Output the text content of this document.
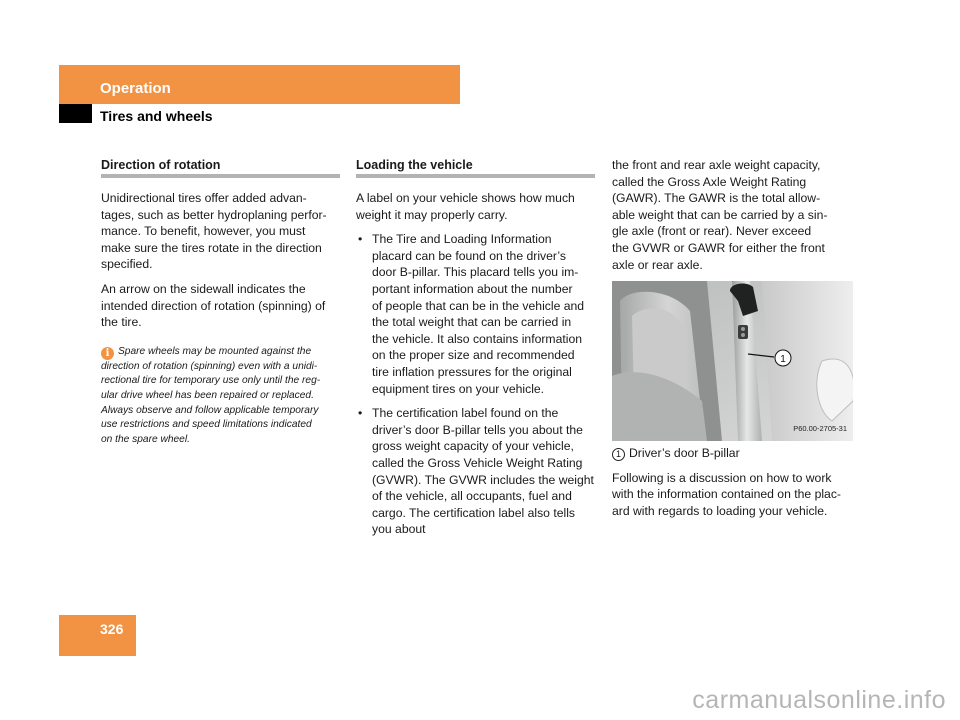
Operation
Tires and wheels
Direction of rotation

Unidirectional tires offer added advan-
tages, such as better hydroplaning perfor-
mance. To benefit, however, you must
make sure the tires rotate in the direction
specified.

An arrow on the sidewall indicates the
intended direction of rotation (spinning) of
the tire.

i Spare wheels may be mounted against the
direction of rotation (spinning) even with a unidi-
rectional tire for temporary use only until the reg-
ular drive wheel has been repaired or replaced.
Always observe and follow applicable temporary
use restrictions and speed limitations indicated
on the spare wheel.
Loading the vehicle

A label on your vehicle shows how much
weight it may properly carry.

• The Tire and Loading Information
placard can be found on the driver’s
door B-pillar. This placard tells you im-
portant information about the number
of people that can be in the vehicle and
the total weight that can be carried in
the vehicle. It also contains information
on the proper size and recommended
tire inflation pressures for the original
equipment tires on your vehicle.
• The certification label found on the
driver’s door B-pillar tells you about the
gross weight capacity of your vehicle,
called the Gross Vehicle Weight Rating
(GVWR). The GVWR includes the weight
of the vehicle, all occupants, fuel and
cargo. The certification label also tells
you about

the front and rear axle weight capacity,
called the Gross Axle Weight Rating
(GAWR). The GAWR is the total allow-
able weight that can be carried by a sin-
gle axle (front or rear). Never exceed
the GVWR or GAWR for either the front
axle or rear axle.

1
P60.00-2705-31

1 Driver’s door B-pillar

Following is a discussion on how to work
with the information contained on the plac-
ard with regards to loading your vehicle.

326
carmanualsonline.info
